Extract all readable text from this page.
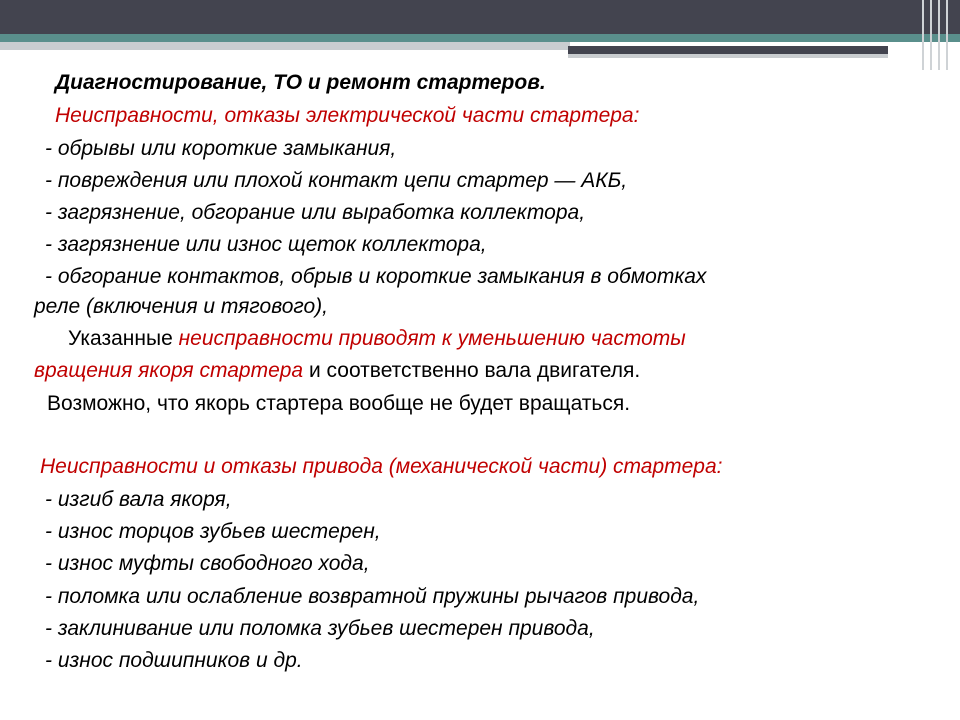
Диагностирование, ТО и ремонт стартеров.
Неисправности, отказы электрической части стартера:
- обрывы или короткие замыкания,
- повреждения или плохой контакт цепи стартер — АКБ,
- загрязнение, обгорание или выработка коллектора,
- загрязнение или износ щеток коллектора,
- обгорание контактов, обрыв и короткие замыкания в обмотках
реле (включения и тягового),
Указанные неисправности приводят к уменьшению частоты
вращения якоря стартера и соответственно вала двигателя.
Возможно, что якорь стартера вообще не будет вращаться.
Неисправности и отказы привода (механической части) стартера:
- изгиб вала якоря,
- износ торцов зубьев шестерен,
- износ муфты свободного хода,
- поломка или ослабление возвратной пружины рычагов привода,
- заклинивание или поломка зубьев шестерен привода,
- износ подшипников и др.
